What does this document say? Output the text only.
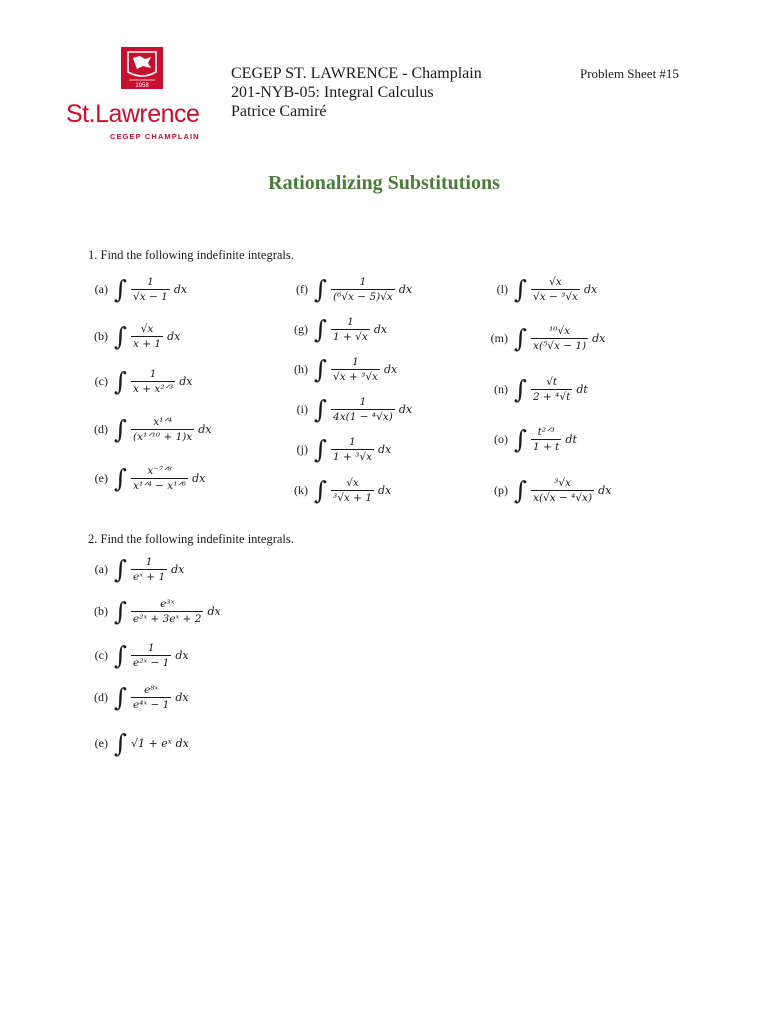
1958
St.Lawrence
CEGEP CHAMPLAIN
CEGEP ST. LAWRENCE - Champlain
201-NYB-05: Integral Calculus
Patrice Camiré
Problem Sheet #15
Rationalizing Substitutions
1. Find the following indefinite integrals.
(a) ∫ $\frac{1}{√x - 1}$ dx
(b) ∫ $\frac{√x}{x + 1}$ dx
(c) ∫ $\frac{1}{\text{x + x²ᐟ³}}$ dx
(d) ∫ $\frac{\text{x¹ᐟ⁴}}{\text{(x¹ᐟ¹⁰ + 1)x}}$ dx
(e) ∫ $\frac{\text{x⁻⁷ᐟ⁸}}{\text{x¹ᐟ⁴ − x¹ᐟ⁶}}$ dx
(f) ∫ $\frac{1}{\text{(⁶√x − 5)√x}}$ dx
(g) ∫ $\frac{1}{1 + √x}$ dx
(h) ∫ $\frac{1}{\text{√x + ³√x}}$ dx
(i) ∫ $\frac{1}{\text{4x(1 − ⁴√x)}}$ dx
(j) ∫ $\frac{1}{\text{1 + ³√x}}$ dx
(k) ∫ $\frac{√x}{\text{³√x + 1}}$ dx
(l) ∫ $\frac{√x}{\text{√x − ³√x}}$ dx
(m) ∫ $\frac{\text{¹⁰√x}}{\text{x(⁵√x − 1)}}$ dx
(n) ∫ $\frac{√t}{\text{2 + ⁴√t}}$ dt
(o) ∫ $\frac{\text{t²ᐟ³}}{1 + t}$ dt
(p) ∫ $\frac{\text{³√x}}{\text{x(√x − ⁴√x)}}$ dx
2. Find the following indefinite integrals.
(a) ∫ $\frac{1}{\text{eˣ + 1}}$ dx
(b) ∫ $\frac{\text{e³ˣ}}{\text{e²ˣ + 3eˣ + 2}}$ dx
(c) ∫ $\frac{1}{\text{e²ˣ − 1}}$ dx
(d) ∫ $\frac{\text{e⁸ˣ}}{\text{e⁴ˣ − 1}}$ dx
(e) ∫ √1 + eˣ dx
